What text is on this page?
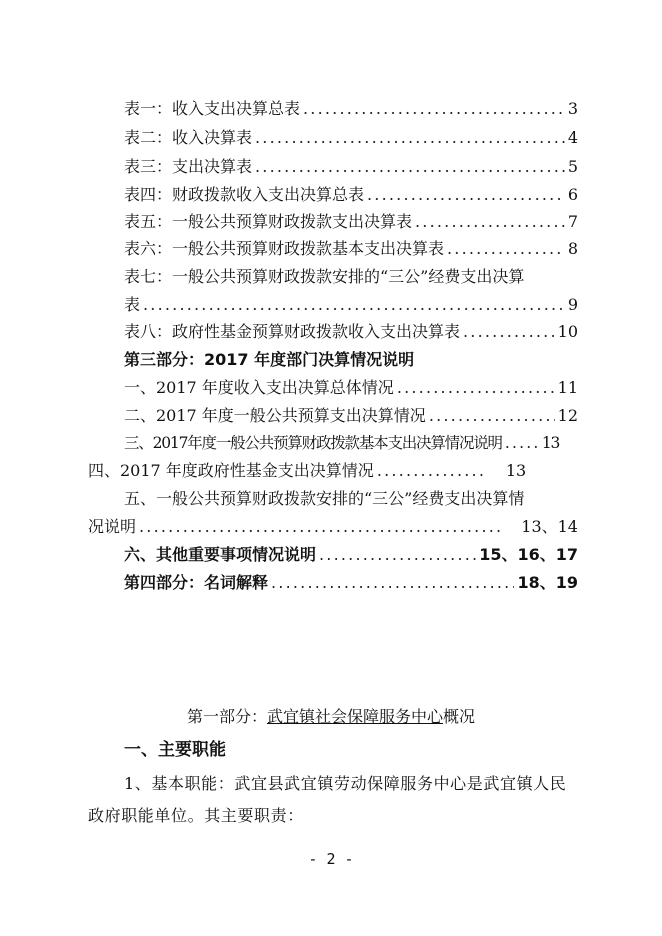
表一：收入支出决算总表 .....	3
表二：收入决算表 .....	4
表三：支出决算表 .....	5
表四：财政拨款收入支出决算总表 .....	6
表五：一般公共预算财政拨款支出决算表 .....	7
表六：一般公共预算财政拨款基本支出决算表 .....	8
表七：一般公共预算财政拨款安排的“三公”经费支出决算
表 .....	9
表八：政府性基金预算财政拨款收入支出决算表 .....	10
第三部分：2017 年度部门决算情况说明
一、2017 年度收入支出决算总体情况 .....	11
二、2017 年度一般公共预算支出决算情况 .....	12
三、2017年度一般公共预算财政拨款基本支出决算情况说明 .....	13
四、2017 年度政府性基金支出决算情况 .....	13
五、一般公共预算财政拨款安排的“三公”经费支出决算情
况说明 .....	13、14
六、其他重要事项情况说明 .....	15、16、17
第四部分：名词解释 .....	18、19
第一部分：武宜镇社会保障服务中心概况
一、主要职能
1、基本职能：武宜县武宜镇劳动保障服务中心是武宜镇人民政府职能单位。其主要职责：
- 2 -
